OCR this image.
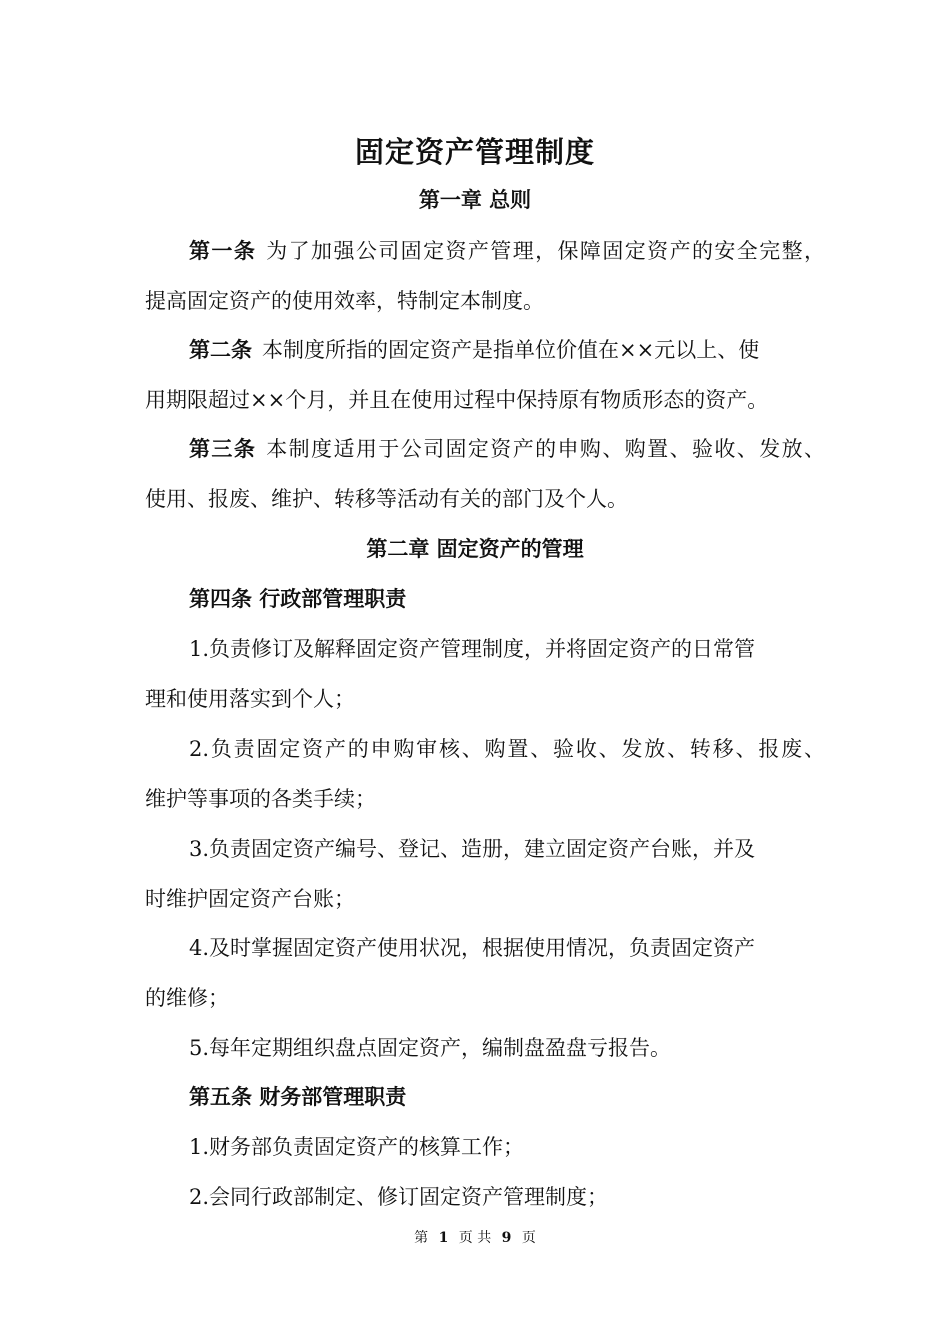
固定资产管理制度
第一章 总则
第一条 为了加强公司固定资产管理，保障固定资产的安全完整，
提高固定资产的使用效率，特制定本制度。
第二条 本制度所指的固定资产是指单位价值在××元以上、使
用期限超过××个月，并且在使用过程中保持原有物质形态的资产。
第三条 本制度适用于公司固定资产的申购、购置、验收、发放、
使用、报废、维护、转移等活动有关的部门及个人。
第二章 固定资产的管理
第四条 行政部管理职责
1.负责修订及解释固定资产管理制度，并将固定资产的日常管
理和使用落实到个人；
2.负责固定资产的申购审核、购置、验收、发放、转移、报废、
维护等事项的各类手续；
3.负责固定资产编号、登记、造册，建立固定资产台账，并及
时维护固定资产台账；
4.及时掌握固定资产使用状况，根据使用情况，负责固定资产
的维修；
5.每年定期组织盘点固定资产，编制盘盈盘亏报告。
第五条 财务部管理职责
1.财务部负责固定资产的核算工作；
2.会同行政部制定、修订固定资产管理制度；
第 1 页 共 9 页
